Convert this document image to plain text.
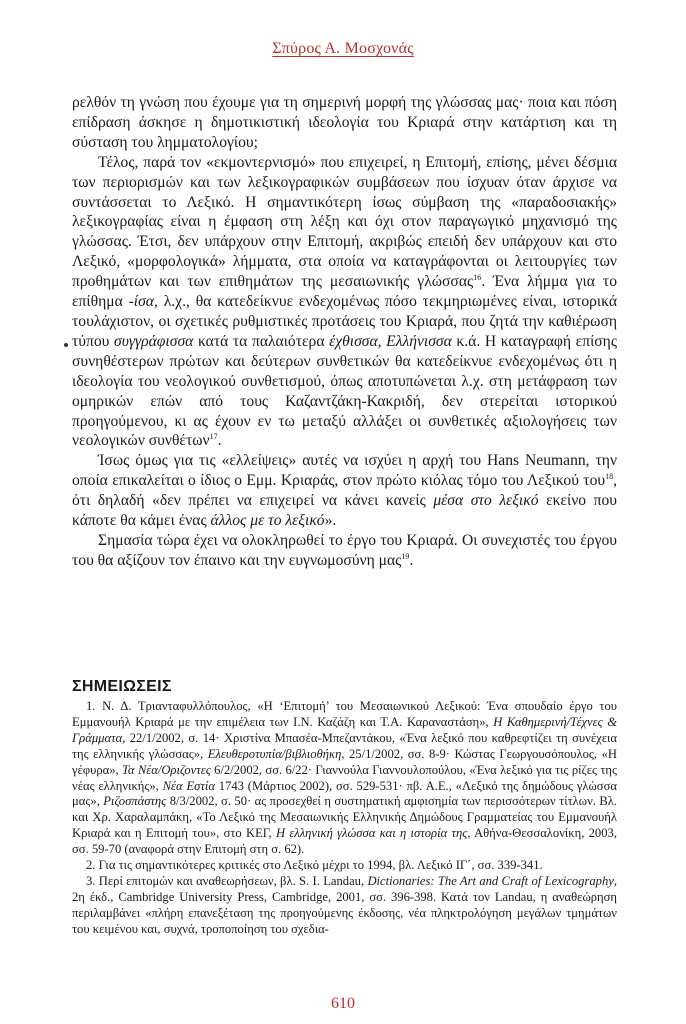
Σπύρος Α. Μοσχονάς

ρελθόν τη γνώση που έχουμε για τη σημερινή μορφή της γλώσσας μας· ποια και πόση επίδραση άσκησε η δημοτικιστική ιδεολογία του Κριαρά στην κατάρτιση και τη σύσταση του λημματολογίου;

Τέλος, παρά τον «εκμοντερνισμό» που επιχειρεί, η Επιτομή, επίσης, μένει δέσμια των περιορισμών και των λεξικογραφικών συμβάσεων που ίσχυαν όταν άρχισε να συντάσσεται το Λεξικό. Η σημαντικότερη ίσως σύμβαση της «παραδοσιακής» λεξικογραφίας είναι η έμφαση στη λέξη και όχι στον παραγωγικό μηχανισμό της γλώσσας. Έτσι, δεν υπάρχουν στην Επιτομή, ακριβώς επειδή δεν υπάρχουν και στο Λεξικό, «μορφολογικά» λήμματα, στα οποία να καταγράφονται οι λειτουργίες των προθημάτων και των επιθημάτων της μεσαιωνικής γλώσσας$^{16}$. Ένα λήμμα για το επίθημα -ίσα, λ.χ., θα κατεδείκνυε ενδεχομένως πόσο τεκμηριωμένες είναι, ιστορικά τουλάχιστον, οι σχετικές ρυθμιστικές προτάσεις του Κριαρά, που ζητά την καθιέρωση τύπου συγγράφισσα κατά τα παλαιότερα έχθισσα, Ελλήνισσα κ.ά. Η καταγραφή επίσης συνηθέστερων πρώτων και δεύτερων συνθετικών θα κατεδείκνυε ενδεχομένως ότι η ιδεολογία του νεολογικού συνθετισμού, όπως αποτυπώνεται λ.χ. στη μετάφραση των ομηρικών επών από τους Καζαντζάκη-Κακριδή, δεν στερείται ιστορικού προηγούμενου, κι ας έχουν εν τω μεταξύ αλλάξει οι συνθετικές αξιολογήσεις των νεολογικών συνθέτων$^{17}$.

Ίσως όμως για τις «ελλείψεις» αυτές να ισχύει η αρχή του Hans Neumann, την οποία επικαλείται ο ίδιος ο Εμμ. Κριαράς, στον πρώτο κιόλας τόμο του Λεξικού του$^{18}$, ότι δηλαδή «δεν πρέπει να επιχειρεί να κάνει κανείς μέσα στο λεξικό εκείνο που κάποτε θα κάμει ένας άλλος με το λεξικό».

Σημασία τώρα έχει να ολοκληρωθεί το έργο του Κριαρά. Οι συνεχιστές του έργου του θα αξίζουν τον έπαινο και την ευγνωμοσύνη μας$^{19}$.

ΣΗΜΕΙΩΣΕΙΣ

1. Ν. Δ. Τριανταφυλλόπουλος, «Η ‘Επιτομή’ του Μεσαιωνικού Λεξικού: Ένα σπουδαίο έργο του Εμμανουήλ Κριαρά με την επιμέλεια των Ι.Ν. Καζάζη και Τ.Α. Καραναστάση», Η Καθημερινή/Τέχνες & Γράμματα, 22/1/2002, σ. 14· Χριστίνα Μπασέα-Μπεζαντάκου, «Ένα λεξικό που καθρεφτίζει τη συνέχεια της ελληνικής γλώσσας», Ελευθεροτυπία/βιβλιοθήκη, 25/1/2002, σσ. 8-9· Κώστας Γεωργουσόπουλος, «Η γέφυρα», Τα Νέα/Οριζοντες 6/2/2002, σσ. 6/22· Γιαννούλα Γιαννουλοπούλου, «Ένα λεξικό για τις ρίζες της νέας ελληνικής», Νέα Εστία 1743 (Μάρτιος 2002), σσ. 529-531· πβ. Α.Ε., «Λεξικό της δημώδους γλώσσα μας», Ριζοσπάστης 8/3/2002, σ. 50· ας προσεχθεί η συστηματική αμφισημία των περισσότερων τίτλων. Βλ. και Χρ. Χαραλαμπάκη, «Το Λεξικό της Μεσαιωνικής Ελληνικής Δημώδους Γραμματείας του Εμμανουήλ Κριαρά και η Επιτομή του», στο ΚΕΓ, Η ελληνική γλώσσα και η ιστορία της, Αθήνα-Θεσσαλονίκη, 2003, σσ. 59-70 (αναφορά στην Επιτομή στη σ. 62).

2. Για τις σημαντικότερες κριτικές στο Λεξικό μέχρι το 1994, βλ. Λεξικό ΙΓ΄, σσ. 339-341.

3. Περί επιτομών και αναθεωρήσεων, βλ. S. I. Landau, Dictionaries: The Art and Craft of Lexicography, 2η έκδ., Cambridge University Press, Cambridge, 2001, σσ. 396-398. Κατά τον Landau, η αναθεώρηση περιλαμβάνει «πλήρη επανεξέταση της προηγούμενης έκδοσης, νέα πληκτρολόγηση μεγάλων τμημάτων του κειμένου και, συχνά, τροποποίηση του σχεδια-

610
